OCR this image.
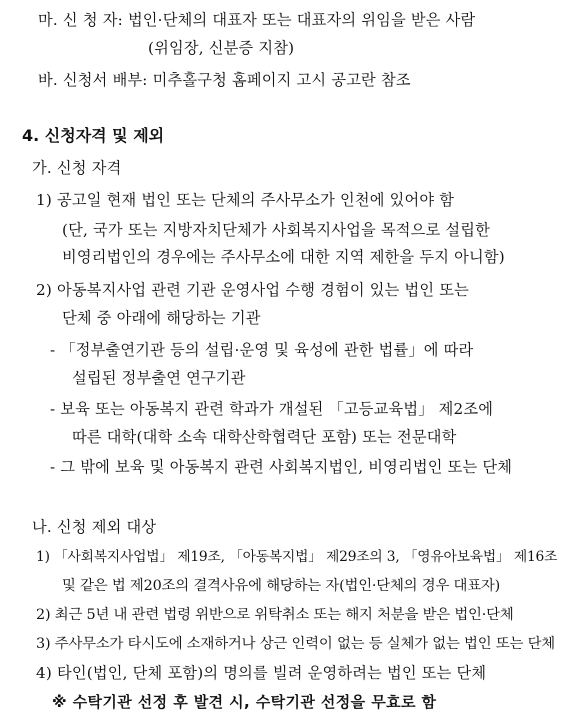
마. 신 청 자: 법인·단체의 대표자 또는 대표자의 위임을 받은 사람
(위임장, 신분증 지참)
바. 신청서 배부: 미추홀구청 홈페이지 고시 공고란 참조
4. 신청자격 및 제외
가. 신청 자격
1) 공고일 현재 법인 또는 단체의 주사무소가 인천에 있어야 함
(단, 국가 또는 지방자치단체가 사회복지사업을 목적으로 설립한
비영리법인의 경우에는 주사무소에 대한 지역 제한을 두지 아니함)
2) 아동복지사업 관련 기관 운영사업 수행 경험이 있는 법인 또는
단체 중 아래에 해당하는 기관
- 「정부출연기관 등의 설립·운영 및 육성에 관한 법률」에 따라
설립된 정부출연 연구기관
- 보육 또는 아동복지 관련 학과가 개설된 「고등교육법」 제2조에
따른 대학(대학 소속 대학산학협력단 포함) 또는 전문대학
- 그 밖에 보육 및 아동복지 관련 사회복지법인, 비영리법인 또는 단체
나. 신청 제외 대상
1) 「사회복지사업법」 제19조, 「아동복지법」 제29조의 3, 「영유아보육법」 제16조
및 같은 법 제20조의 결격사유에 해당하는 자(법인·단체의 경우 대표자)
2) 최근 5년 내 관련 법령 위반으로 위탁취소 또는 해지 처분을 받은 법인·단체
3) 주사무소가 타시도에 소재하거나 상근 인력이 없는 등 실체가 없는 법인 또는 단체
4) 타인(법인, 단체 포함)의 명의를 빌려 운영하려는 법인 또는 단체
※ 수탁기관 선정 후 발견 시, 수탁기관 선정을 무효로 함
